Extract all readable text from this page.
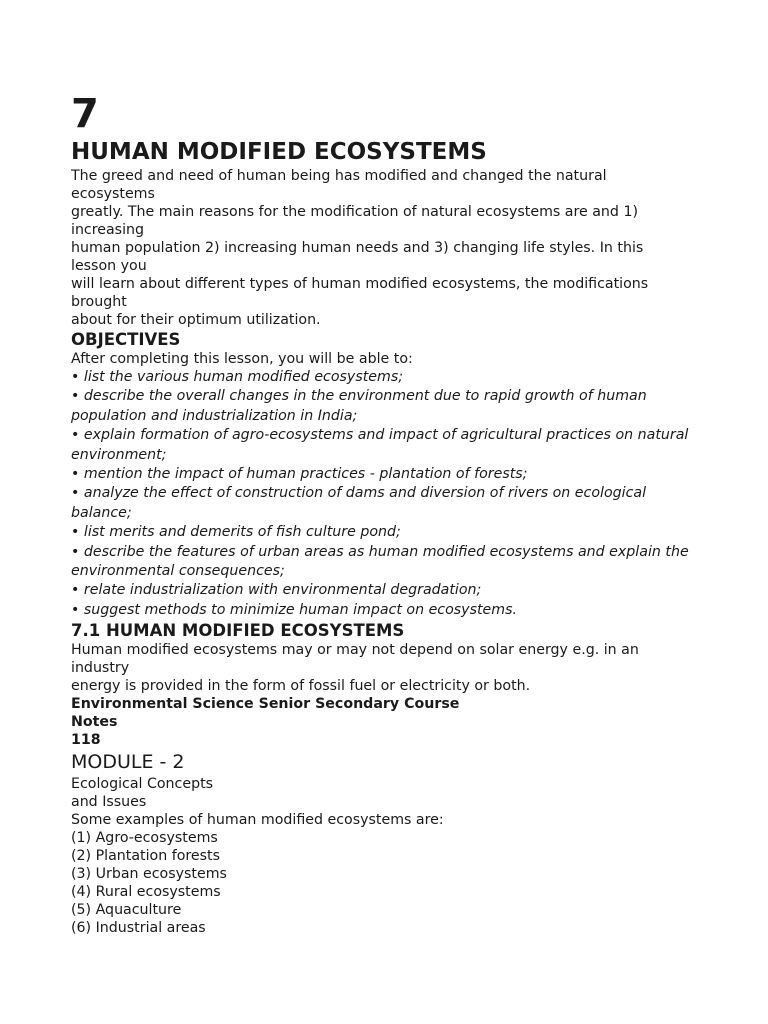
7
HUMAN MODIFIED ECOSYSTEMS

The greed and need of human being has modified and changed the natural

ecosystems

greatly. The main reasons for the modification of natural ecosystems are and 1)

increasing

human population 2) increasing human needs and 3) changing life styles. In this

lesson you

will learn about different types of human modified ecosystems, the modifications

brought

about for their optimum utilization.

OBJECTIVES

After completing this lesson, you will be able to:

• list the various human modified ecosystems;

• describe the overall changes in the environment due to rapid growth of human population and industrialization in India;

• explain formation of agro-ecosystems and impact of agricultural practices on natural environment;

• mention the impact of human practices - plantation of forests;

• analyze the effect of construction of dams and diversion of rivers on ecological balance;

• list merits and demerits of fish culture pond;

• describe the features of urban areas as human modified ecosystems and explain the environmental consequences;

• relate industrialization with environmental degradation;

• suggest methods to minimize human impact on ecosystems.

7.1 HUMAN MODIFIED ECOSYSTEMS

Human modified ecosystems may or may not depend on solar energy e.g. in an

industry

energy is provided in the form of fossil fuel or electricity or both.

Environmental Science Senior Secondary Course

Notes

118

MODULE - 2

Ecological Concepts

and Issues

Some examples of human modified ecosystems are:

(1) Agro-ecosystems

(2) Plantation forests

(3) Urban ecosystems

(4) Rural ecosystems

(5) Aquaculture

(6) Industrial areas
